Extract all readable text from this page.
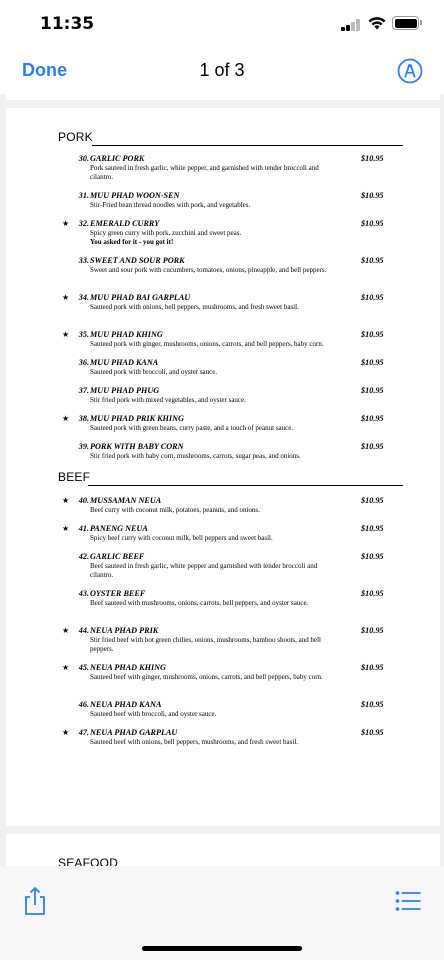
11:35
Done	1 of 3
PORK
30. GARLIC PORK	$10.95
Pork sauteed in fresh garlic, white pepper, and garnished with tender broccoli and cilantro.
31. MUU PHAD WOON-SEN	$10.95
Stir-Fried bean thread noodles with pork, and vegetables.
★ 32. EMERALD CURRY	$10.95
Spicy green curry with pork, zucchini and sweet peas.
You asked for it - you got it!
33. SWEET AND SOUR PORK	$10.95
Sweet and sour pork with cucumbers, tomatoes, onions, pineapple, and bell peppers.
★ 34. MUU PHAD BAI GARPLAU	$10.95
Sauteed pork with onions, bell peppers, mushrooms, and fresh sweet basil.
★ 35. MUU PHAD KHING	$10.95
Sauteed pork with ginger, mushrooms, onions, carrots, and bell peppers, baby corn.
36. MUU PHAD KANA	$10.95
Sauteed pork with broccoli, and oyster sauce.
37. MUU PHAD PHUG	$10.95
Stir fried pork with mixed vegetables, and oyster sauce.
★ 38. MUU PHAD PRIK KHING	$10.95
Sauteed pork with green beans, curry paste, and a touch of peanut sauce.
39. PORK WITH BABY CORN	$10.95
Stir fried pork with baby corn, mushrooms, carrots, sugar peas, and onions.
BEEF
★ 40. MUSSAMAN NEUA	$10.95
Beef curry with coconut milk, potatoes, peanuts, and onions.
★ 41. PANENG NEUA	$10.95
Spicy beef curry with coconut milk, bell peppers and sweet basil.
42. GARLIC BEEF	$10.95
Beef sauteed in fresh garlic, white pepper and garnished with tender broccoli and cilantro.
43. OYSTER BEEF	$10.95
Beef sauteed with mushrooms, onions, carrots, bell peppers, and oyster sauce.
★ 44. NEUA PHAD PRIK	$10.95
Stir fried beef with hot green chilies, onions, mushrooms, bamboo shoots, and bell peppers.
★ 45. NEUA PHAD KHING	$10.95
Sauteed beef with ginger, mushrooms, onions, carrots, and bell peppers, baby corn.
46. NEUA PHAD KANA	$10.95
Sauteed beef with broccoli, and oyster sauce.
★ 47. NEUA PHAD GARPLAU	$10.95
Sauteed beef with onions, bell peppers, mushrooms, and fresh sweet basil.
SEAFOOD
